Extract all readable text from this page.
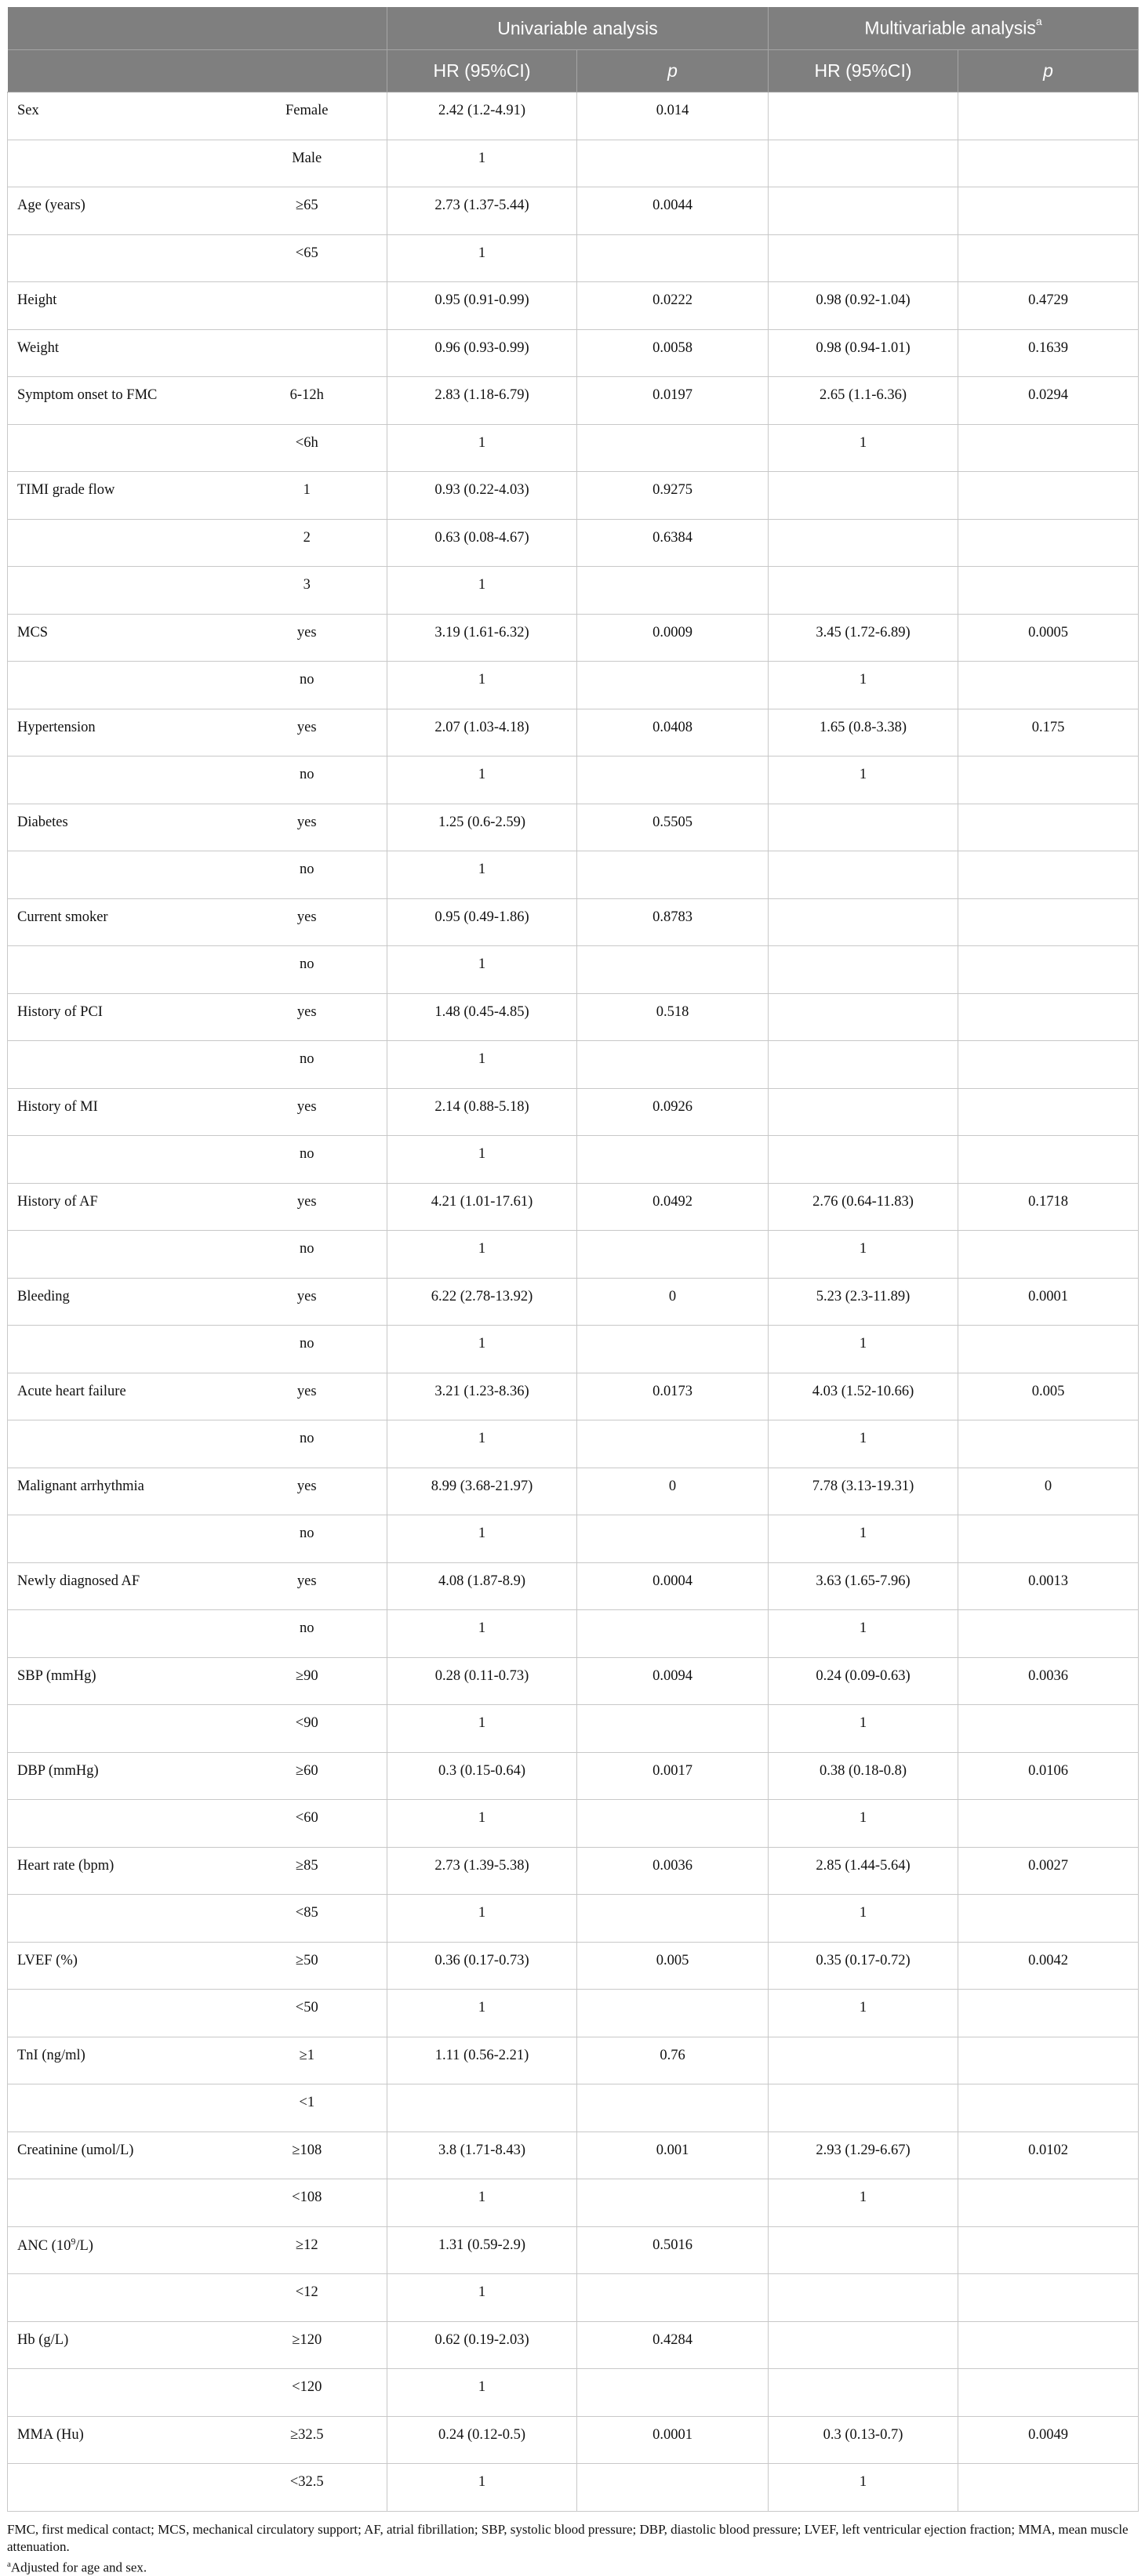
		Univariable analysis		Multivariable analysis$^a$
		HR (95%CI)	p	HR (95%CI)	p
Sex	Female	2.42 (1.2-4.91)	0.014		
	Male	1			
Age (years)	≥65	2.73 (1.37-5.44)	0.0044		
	<65	1			
Height		0.95 (0.91-0.99)	0.0222	0.98 (0.92-1.04)	0.4729
Weight		0.96 (0.93-0.99)	0.0058	0.98 (0.94-1.01)	0.1639
Symptom onset to FMC	6-12h	2.83 (1.18-6.79)	0.0197	2.65 (1.1-6.36)	0.0294
	<6h	1		1	
TIMI grade flow	1	0.93 (0.22-4.03)	0.9275		
	2	0.63 (0.08-4.67)	0.6384		
	3	1			
MCS	yes	3.19 (1.61-6.32)	0.0009	3.45 (1.72-6.89)	0.0005
	no	1		1	
Hypertension	yes	2.07 (1.03-4.18)	0.0408	1.65 (0.8-3.38)	0.175
	no	1		1	
Diabetes	yes	1.25 (0.6-2.59)	0.5505		
	no	1			
Current smoker	yes	0.95 (0.49-1.86)	0.8783		
	no	1			
History of PCI	yes	1.48 (0.45-4.85)	0.518		
	no	1			
History of MI	yes	2.14 (0.88-5.18)	0.0926		
	no	1			
History of AF	yes	4.21 (1.01-17.61)	0.0492	2.76 (0.64-11.83)	0.1718
	no	1		1	
Bleeding	yes	6.22 (2.78-13.92)	0	5.23 (2.3-11.89)	0.0001
	no	1		1	
Acute heart failure	yes	3.21 (1.23-8.36)	0.0173	4.03 (1.52-10.66)	0.005
	no	1		1	
Malignant arrhythmia	yes	8.99 (3.68-21.97)	0	7.78 (3.13-19.31)	0
	no	1		1	
Newly diagnosed AF	yes	4.08 (1.87-8.9)	0.0004	3.63 (1.65-7.96)	0.0013
	no	1		1	
SBP (mmHg)	≥90	0.28 (0.11-0.73)	0.0094	0.24 (0.09-0.63)	0.0036
	<90	1		1	
DBP (mmHg)	≥60	0.3 (0.15-0.64)	0.0017	0.38 (0.18-0.8)	0.0106
	<60	1		1	
Heart rate (bpm)	≥85	2.73 (1.39-5.38)	0.0036	2.85 (1.44-5.64)	0.0027
	<85	1		1	
LVEF (%)	≥50	0.36 (0.17-0.73)	0.005	0.35 (0.17-0.72)	0.0042
	<50	1		1	
TnI (ng/ml)	≥1	1.11 (0.56-2.21)	0.76		
	<1				
Creatinine (umol/L)	≥108	3.8 (1.71-8.43)	0.001	2.93 (1.29-6.67)	0.0102
	<108	1		1	
ANC $(10^9/L)$	≥12	1.31 (0.59-2.9)	0.5016		
	<12	1			
Hb (g/L)	≥120	0.62 (0.19-2.03)	0.4284		
	<120	1			
MMA (Hu)	≥32.5	0.24 (0.12-0.5)	0.0001	0.3 (0.13-0.7)	0.0049
	<32.5	1		1	
FMC, first medical contact; MCS, mechanical circulatory support; AF, atrial fibrillation; SBP, systolic blood pressure; DBP, diastolic blood pressure; LVEF, left ventricular ejection fraction; MMA, mean muscle attenuation.
$^a$Adjusted for age and sex.
